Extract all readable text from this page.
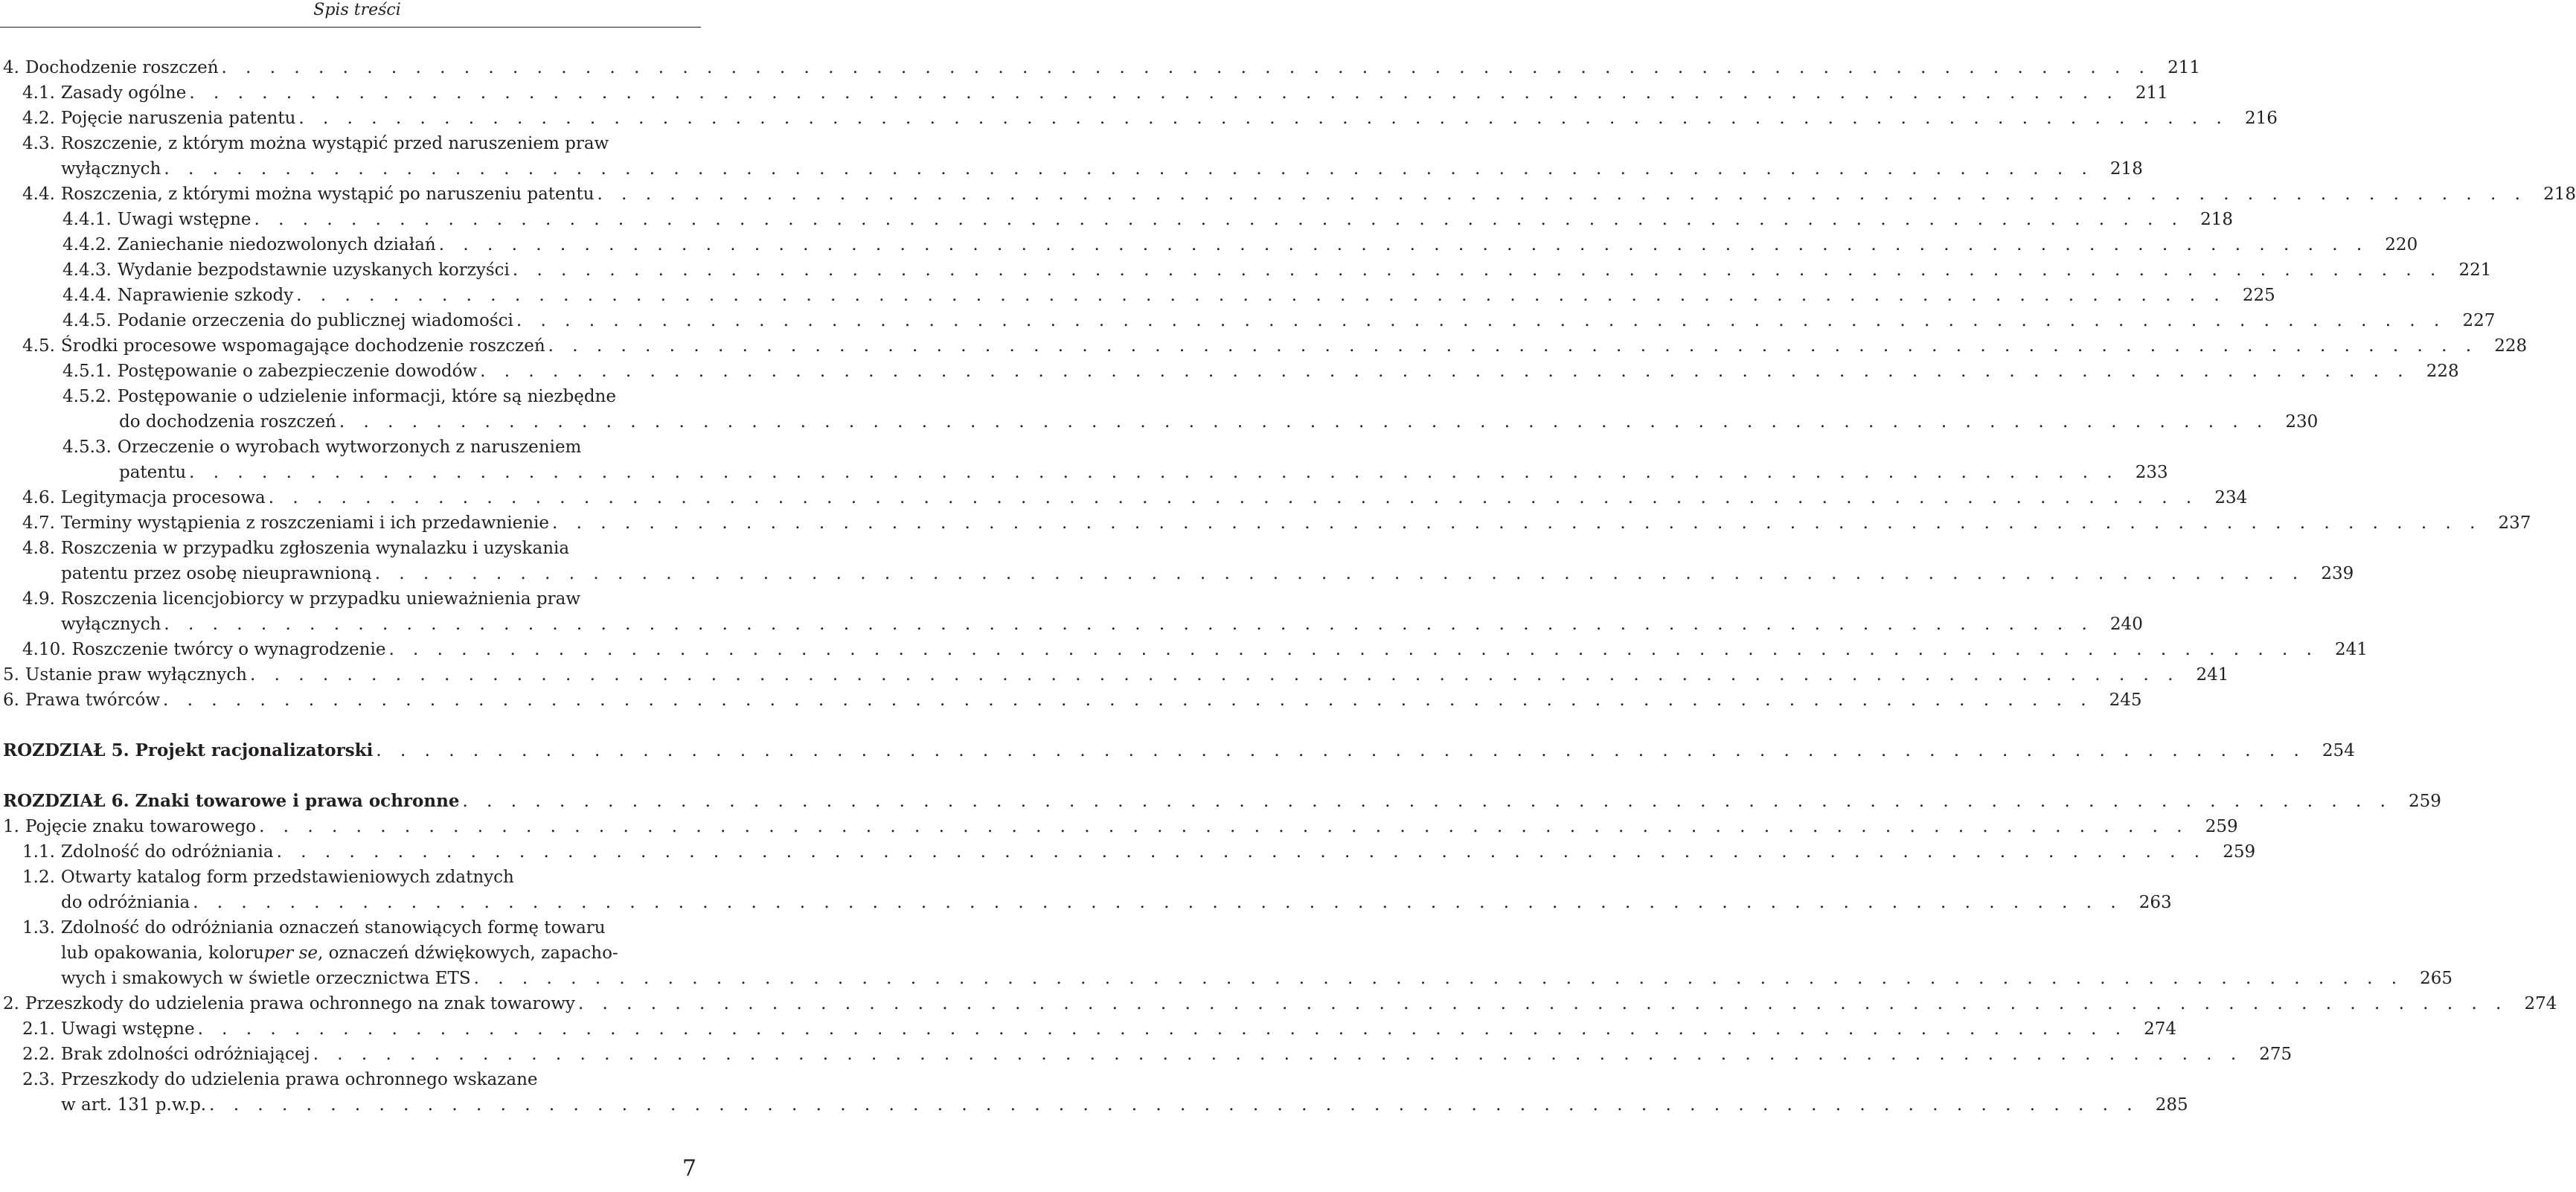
Spis treści
4. Dochodzenie roszczeń . . . . . . . . . . . . . . . . . . . . . . . . . . . . . . . . . . . . . . . . . . . . . . . . . . . . . . . . . . . . . . . . . . . . . . . . . . . . . . . . 211
4.1. Zasady ogólne . . . . . . . . . . . . . . . . . . . . . . . . . . . . . . . . . . . . . . . . . . . . . . . . . . . . . . . . . . . . . . . . . . . . . . . . . . . . . . . . 211
4.2. Pojęcie naruszenia patentu . . . . . . . . . . . . . . . . . . . . . . . . . . . . . . . . . . . . . . . . . . . . . . . . . . . . . . . . . . . . . . . . . . . . . . . . . . . . . . . . 216
4.3. Roszczenie, z którym można wystąpić przed naruszeniem praw
wyłącznych . . . . . . . . . . . . . . . . . . . . . . . . . . . . . . . . . . . . . . . . . . . . . . . . . . . . . . . . . . . . . . . . . . . . . . . . . . . . . . . . 218
4.4. Roszczenia, z którymi można wystąpić po naruszeniu patentu . . . . . . . . . . . . . . . . . . . . . . . . . . . . . . . . . . . . . . . . . . . . . . . . . . . . . . . . . . . . . . . . . . . . . . . . . . . . . . . . 218
4.4.1. Uwagi wstępne . . . . . . . . . . . . . . . . . . . . . . . . . . . . . . . . . . . . . . . . . . . . . . . . . . . . . . . . . . . . . . . . . . . . . . . . . . . . . . . . 218
4.4.2. Zaniechanie niedozwolonych działań . . . . . . . . . . . . . . . . . . . . . . . . . . . . . . . . . . . . . . . . . . . . . . . . . . . . . . . . . . . . . . . . . . . . . . . . . . . . . . . . 220
4.4.3. Wydanie bezpodstawnie uzyskanych korzyści . . . . . . . . . . . . . . . . . . . . . . . . . . . . . . . . . . . . . . . . . . . . . . . . . . . . . . . . . . . . . . . . . . . . . . . . . . . . . . . . 221
4.4.4. Naprawienie szkody . . . . . . . . . . . . . . . . . . . . . . . . . . . . . . . . . . . . . . . . . . . . . . . . . . . . . . . . . . . . . . . . . . . . . . . . . . . . . . . . 225
4.4.5. Podanie orzeczenia do publicznej wiadomości . . . . . . . . . . . . . . . . . . . . . . . . . . . . . . . . . . . . . . . . . . . . . . . . . . . . . . . . . . . . . . . . . . . . . . . . . . . . . . . . 227
4.5. Środki procesowe wspomagające dochodzenie roszczeń . . . . . . . . . . . . . . . . . . . . . . . . . . . . . . . . . . . . . . . . . . . . . . . . . . . . . . . . . . . . . . . . . . . . . . . . . . . . . . . . 228
4.5.1. Postępowanie o zabezpieczenie dowodów . . . . . . . . . . . . . . . . . . . . . . . . . . . . . . . . . . . . . . . . . . . . . . . . . . . . . . . . . . . . . . . . . . . . . . . . . . . . . . . . 228
4.5.2. Postępowanie o udzielenie informacji, które są niezbędne
do dochodzenia roszczeń . . . . . . . . . . . . . . . . . . . . . . . . . . . . . . . . . . . . . . . . . . . . . . . . . . . . . . . . . . . . . . . . . . . . . . . . . . . . . . . . 230
4.5.3. Orzeczenie o wyrobach wytworzonych z naruszeniem
patentu . . . . . . . . . . . . . . . . . . . . . . . . . . . . . . . . . . . . . . . . . . . . . . . . . . . . . . . . . . . . . . . . . . . . . . . . . . . . . . . . 233
4.6. Legitymacja procesowa . . . . . . . . . . . . . . . . . . . . . . . . . . . . . . . . . . . . . . . . . . . . . . . . . . . . . . . . . . . . . . . . . . . . . . . . . . . . . . . . 234
4.7. Terminy wystąpienia z roszczeniami i ich przedawnienie . . . . . . . . . . . . . . . . . . . . . . . . . . . . . . . . . . . . . . . . . . . . . . . . . . . . . . . . . . . . . . . . . . . . . . . . . . . . . . . . 237
4.8. Roszczenia w przypadku zgłoszenia wynalazku i uzyskania
patentu przez osobę nieuprawnioną . . . . . . . . . . . . . . . . . . . . . . . . . . . . . . . . . . . . . . . . . . . . . . . . . . . . . . . . . . . . . . . . . . . . . . . . . . . . . . . . 239
4.9. Roszczenia licencjobiorcy w przypadku unieważnienia praw
wyłącznych . . . . . . . . . . . . . . . . . . . . . . . . . . . . . . . . . . . . . . . . . . . . . . . . . . . . . . . . . . . . . . . . . . . . . . . . . . . . . . . . 240
4.10. Roszczenie twórcy o wynagrodzenie . . . . . . . . . . . . . . . . . . . . . . . . . . . . . . . . . . . . . . . . . . . . . . . . . . . . . . . . . . . . . . . . . . . . . . . . . . . . . . . . 241
5. Ustanie praw wyłącznych . . . . . . . . . . . . . . . . . . . . . . . . . . . . . . . . . . . . . . . . . . . . . . . . . . . . . . . . . . . . . . . . . . . . . . . . . . . . . . . . 241
6. Prawa twórców . . . . . . . . . . . . . . . . . . . . . . . . . . . . . . . . . . . . . . . . . . . . . . . . . . . . . . . . . . . . . . . . . . . . . . . . . . . . . . . . 245
ROZDZIAŁ 5. Projekt racjonalizatorski . . . . . . . . . . . . . . . . . . . . . . . . . . . . . . . . . . . . . . . . . . . . . . . . . . . . . . . . . . . . . . . . . . . . . . . . . . . . . . . . 254
ROZDZIAŁ 6. Znaki towarowe i prawa ochronne . . . . . . . . . . . . . . . . . . . . . . . . . . . . . . . . . . . . . . . . . . . . . . . . . . . . . . . . . . . . . . . . . . . . . . . . . . . . . . . . 259
1. Pojęcie znaku towarowego . . . . . . . . . . . . . . . . . . . . . . . . . . . . . . . . . . . . . . . . . . . . . . . . . . . . . . . . . . . . . . . . . . . . . . . . . . . . . . . . 259
1.1. Zdolność do odróżniania . . . . . . . . . . . . . . . . . . . . . . . . . . . . . . . . . . . . . . . . . . . . . . . . . . . . . . . . . . . . . . . . . . . . . . . . . . . . . . . . 259
1.2. Otwarty katalog form przedstawieniowych zdatnych
do odróżniania . . . . . . . . . . . . . . . . . . . . . . . . . . . . . . . . . . . . . . . . . . . . . . . . . . . . . . . . . . . . . . . . . . . . . . . . . . . . . . . . 263
1.3. Zdolność do odróżniania oznaczeń stanowiących formę towaru
lub opakowania, koloru per se , oznaczeń dźwiękowych, zapacho-
wych i smakowych w świetle orzecznictwa ETS . . . . . . . . . . . . . . . . . . . . . . . . . . . . . . . . . . . . . . . . . . . . . . . . . . . . . . . . . . . . . . . . . . . . . . . . . . . . . . . . 265
2. Przeszkody do udzielenia prawa ochronnego na znak towarowy . . . . . . . . . . . . . . . . . . . . . . . . . . . . . . . . . . . . . . . . . . . . . . . . . . . . . . . . . . . . . . . . . . . . . . . . . . . . . . . . 274
2.1. Uwagi wstępne . . . . . . . . . . . . . . . . . . . . . . . . . . . . . . . . . . . . . . . . . . . . . . . . . . . . . . . . . . . . . . . . . . . . . . . . . . . . . . . . 274
2.2. Brak zdolności odróżniającej . . . . . . . . . . . . . . . . . . . . . . . . . . . . . . . . . . . . . . . . . . . . . . . . . . . . . . . . . . . . . . . . . . . . . . . . . . . . . . . . 275
2.3. Przeszkody do udzielenia prawa ochronnego wskazane
w art. 131 p.w.p. . . . . . . . . . . . . . . . . . . . . . . . . . . . . . . . . . . . . . . . . . . . . . . . . . . . . . . . . . . . . . . . . . . . . . . . . . . . . . . . . 285
7
